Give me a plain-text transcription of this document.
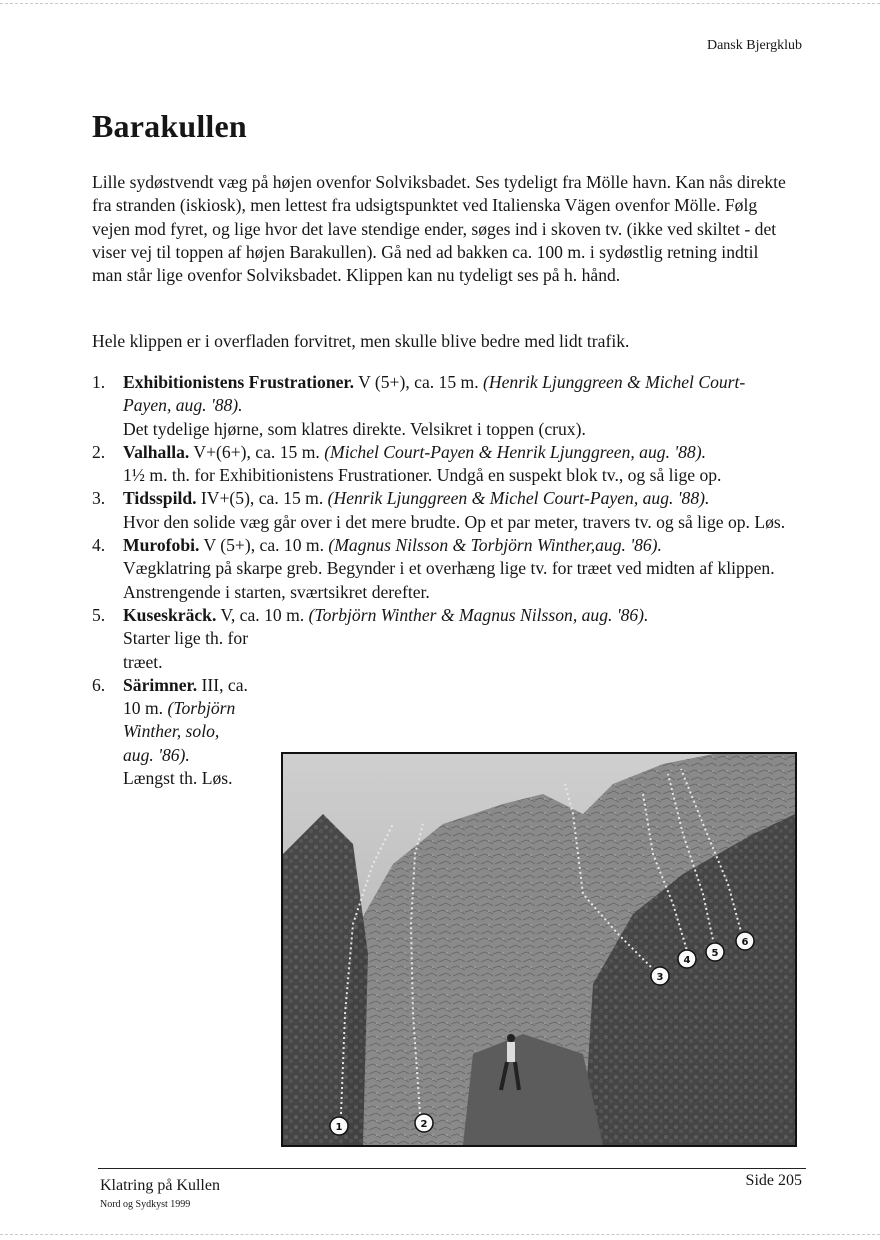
Dansk Bjergklub
Barakullen

Lille sydøstvendt væg på højen ovenfor Solviksbadet. Ses tydeligt fra Mölle havn. Kan nås direkte fra stranden (iskiosk), men lettest fra udsigtspunktet ved Italienska Vägen ovenfor Mölle. Følg vejen mod fyret, og lige hvor det lave stendige ender, søges ind i skoven tv. (ikke ved skiltet - det viser vej til toppen af højen Barakullen). Gå ned ad bakken ca. 100 m. i sydøstlig retning indtil man står lige ovenfor Solviksbadet. Klippen kan nu tydeligt ses på h. hånd.

Hele klippen er i overfladen forvitret, men skulle blive bedre med lidt trafik.

1. Exhibitionistens Frustrationer. V (5+), ca. 15 m. (Henrik Ljunggreen & Michel Court-Payen, aug. '88).
Det tydelige hjørne, som klatres direkte. Velsikret i toppen (crux).
2. Valhalla. V+(6+), ca. 15 m. (Michel Court-Payen & Henrik Ljunggreen, aug. '88).
1½ m. th. for Exhibitionistens Frustrationer. Undgå en suspekt blok tv., og så lige op.
3. Tidsspild. IV+(5), ca. 15 m. (Henrik Ljunggreen & Michel Court-Payen, aug. '88).
Hvor den solide væg går over i det mere brudte. Op et par meter, travers tv. og så lige op. Løs.
4. Murofobi. V (5+), ca. 10 m. (Magnus Nilsson & Torbjörn Winther,aug. '86).
Vægklatring på skarpe greb. Begynder i et overhæng lige tv. for træet ved midten af klippen. Anstrengende i starten, sværtsikret derefter.
5. Kuseskräck. V, ca. 10 m. (Torbjörn Winther & Magnus Nilsson, aug. '86).
Starter lige th. for træet.
6. Särimner. III, ca. 10 m. (Torbjörn Winther, solo, aug. '86).
Længst th. Løs.
1	2
3
4
5
6
Klatring på Kullen
Nord og Sydkyst 1999
Side 205
